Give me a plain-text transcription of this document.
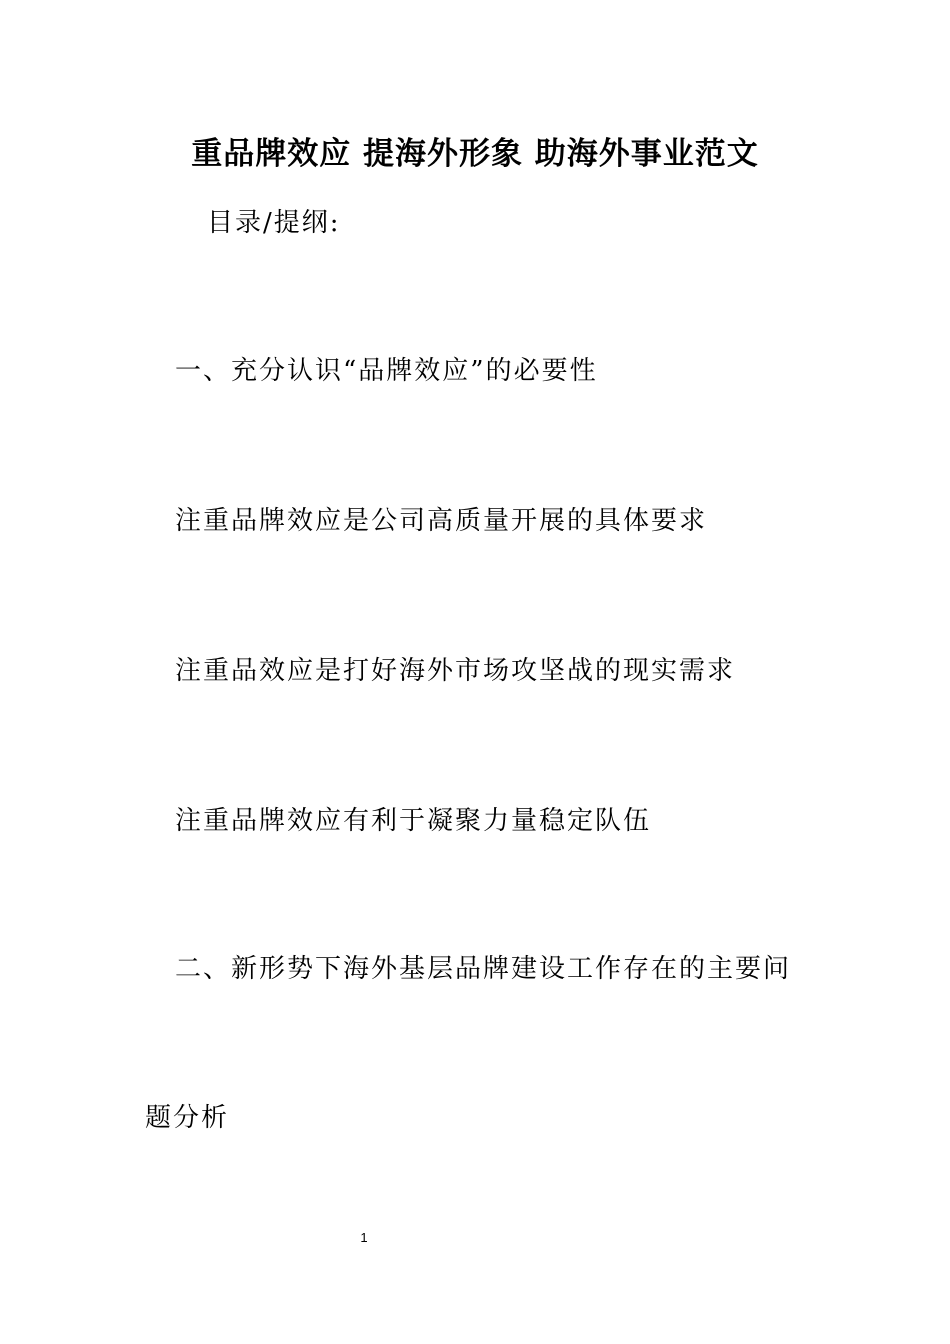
重品牌效应 提海外形象 助海外事业范文
目录/提纲:
一、充分认识“品牌效应”的必要性
注重品牌效应是公司高质量开展的具体要求
注重品效应是打好海外市场攻坚战的现实需求
注重品牌效应有利于凝聚力量稳定队伍
二、新形势下海外基层品牌建设工作存在的主要问
题分析
1
